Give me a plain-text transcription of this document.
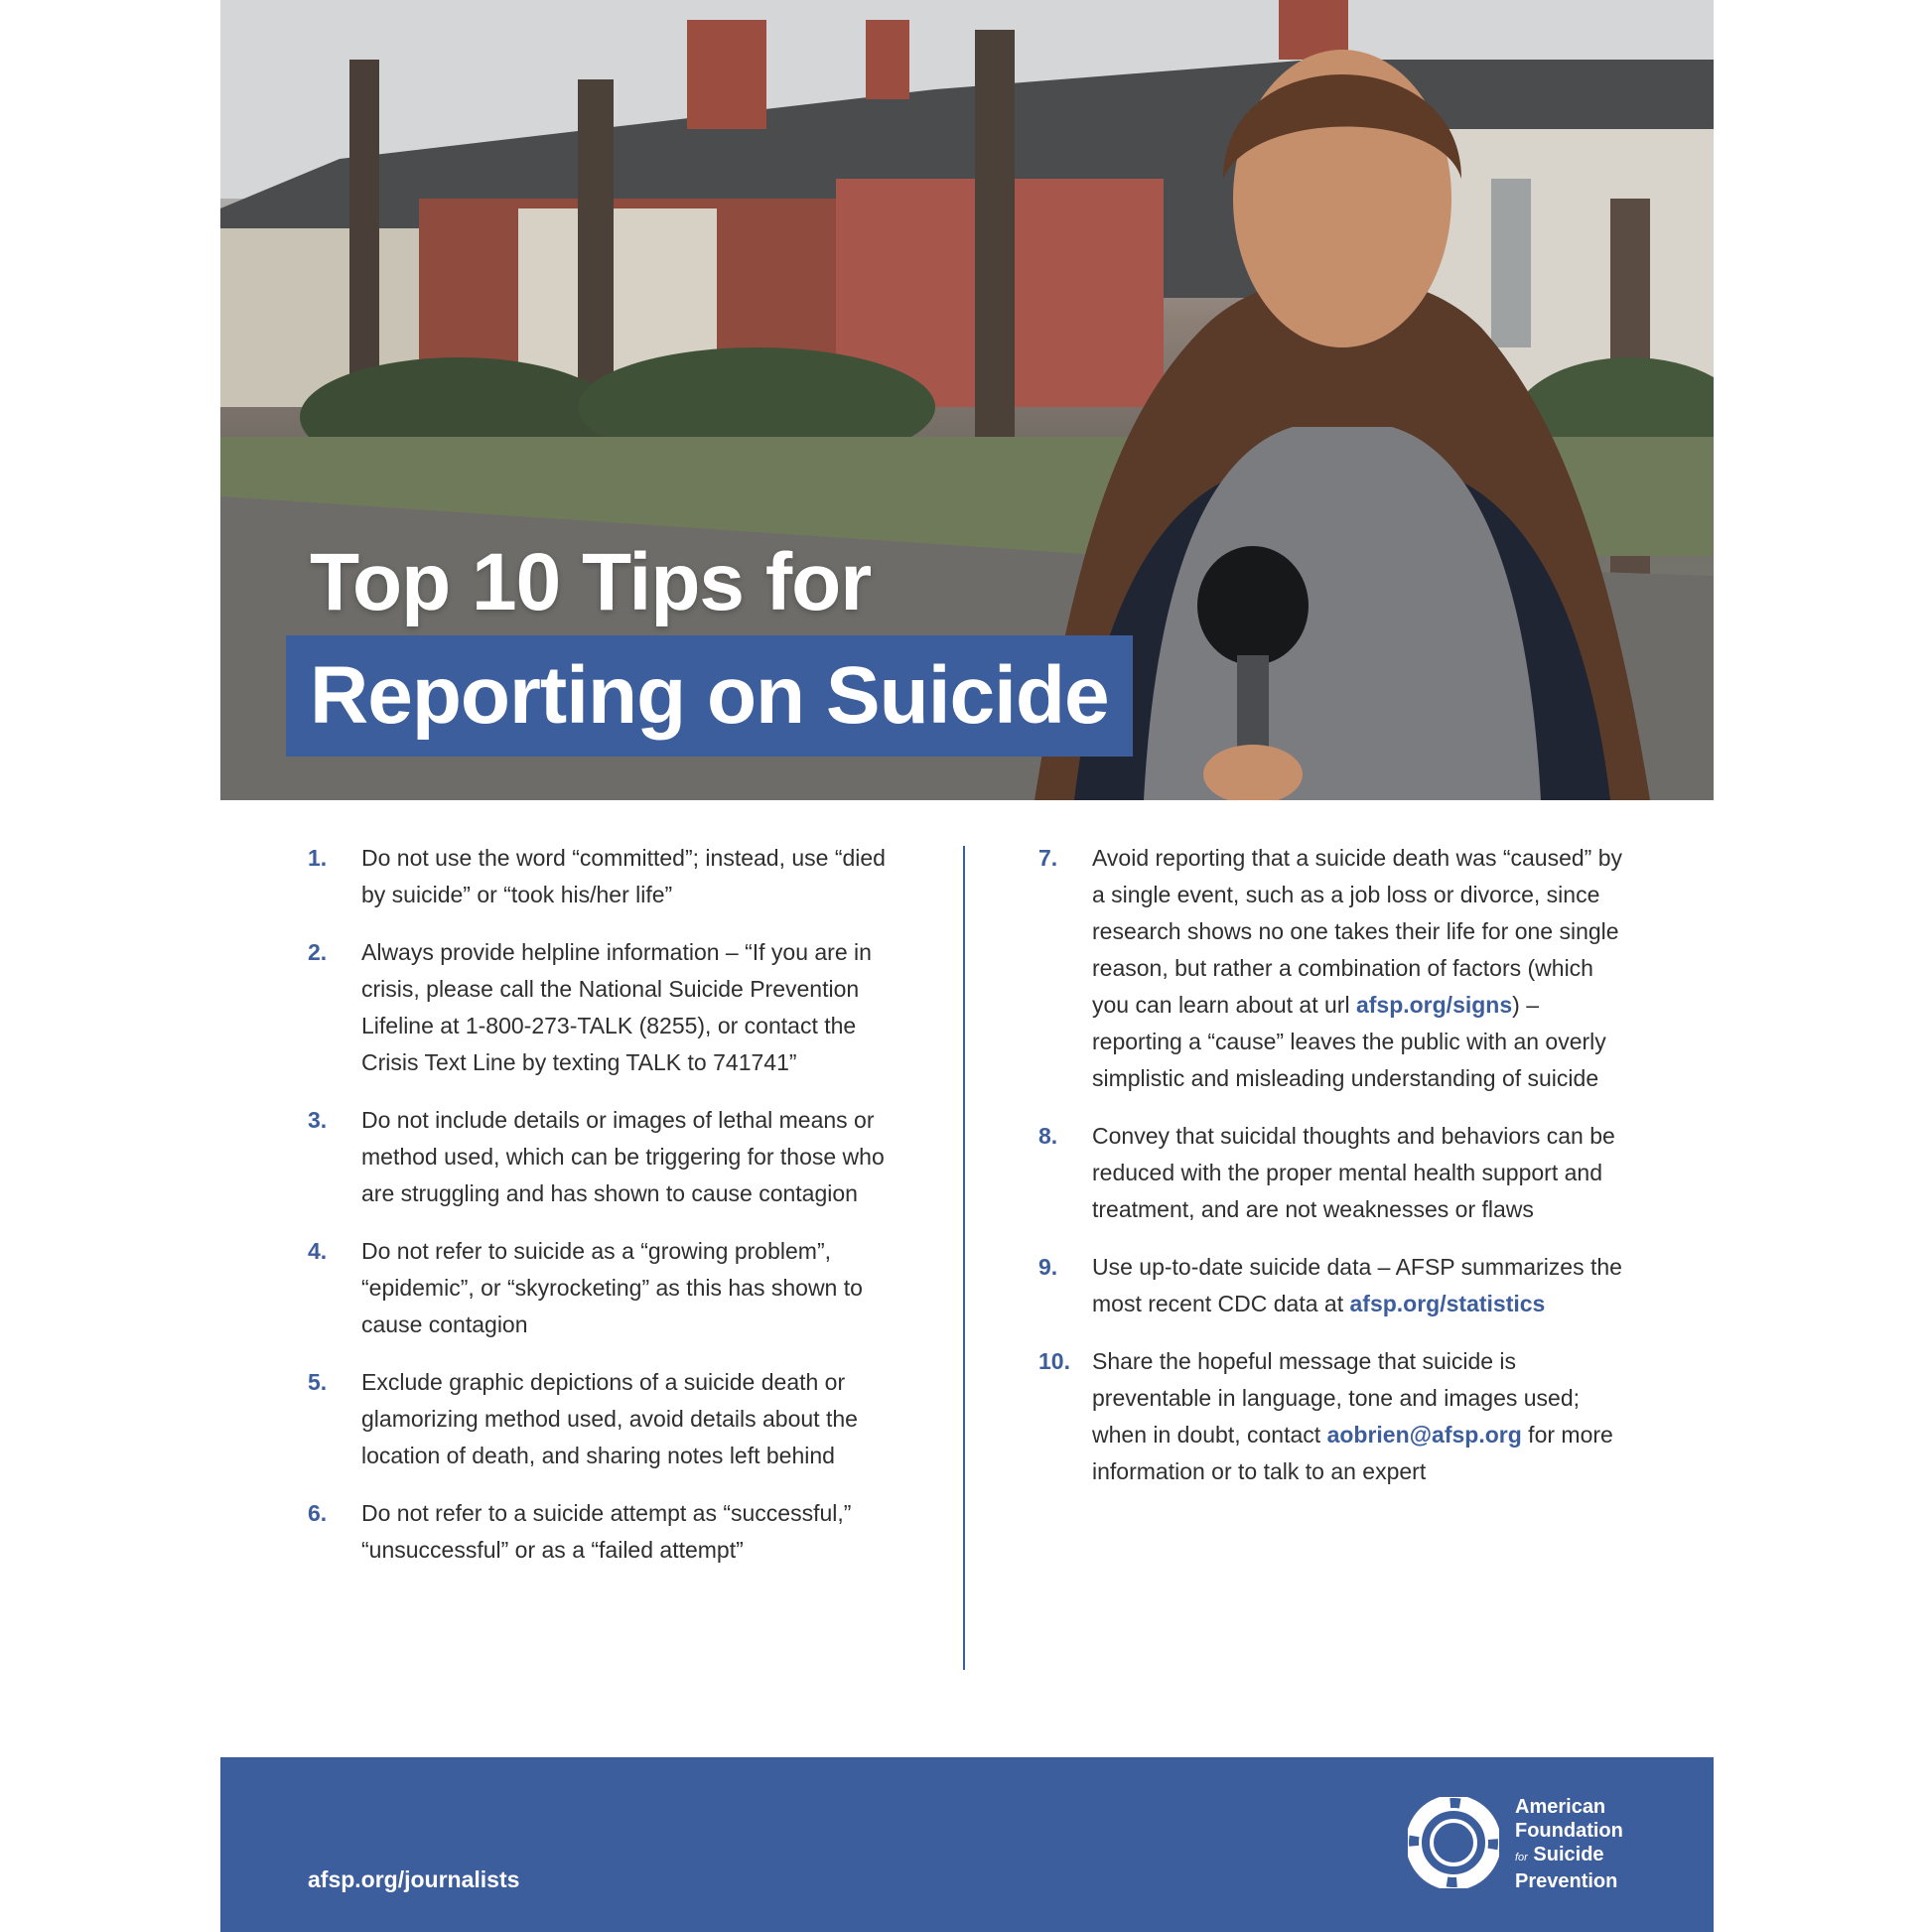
Top 10 Tips for
Reporting on Suicide
1.	Do not use the word “committed”; instead, use “died by suicide” or “took his/her life”
2.	Always provide helpline information – “If you are in crisis, please call the National Suicide Prevention Lifeline at 1-800-273-TALK (8255), or contact the Crisis Text Line by texting TALK to 741741”
3.	Do not include details or images of lethal means or method used, which can be triggering for those who are struggling and has shown to cause contagion
4.	Do not refer to suicide as a “growing problem”, “epidemic”, or “skyrocketing” as this has shown to cause contagion
5.	Exclude graphic depictions of a suicide death or glamorizing method used, avoid details about the location of death, and sharing notes left behind
6.	Do not refer to a suicide attempt as “successful,” “unsuccessful” or as a “failed attempt”
7.	Avoid reporting that a suicide death was “caused” by a single event, such as a job loss or divorce, since research shows no one takes their life for one single reason, but rather a combination of factors (which you can learn about at url afsp.org/signs) – reporting a “cause” leaves the public with an overly simplistic and misleading understanding of suicide
8.	Convey that suicidal thoughts and behaviors can be reduced with the proper mental health support and treatment, and are not weaknesses or flaws
9.	Use up-to-date suicide data – AFSP summarizes the most recent CDC data at afsp.org/statistics
10. Share the hopeful message that suicide is preventable in language, tone and images used; when in doubt, contact aobrien@afsp.org for more information or to talk to an expert
afsp.org/journalists
American
Foundation
for Suicide
Prevention
